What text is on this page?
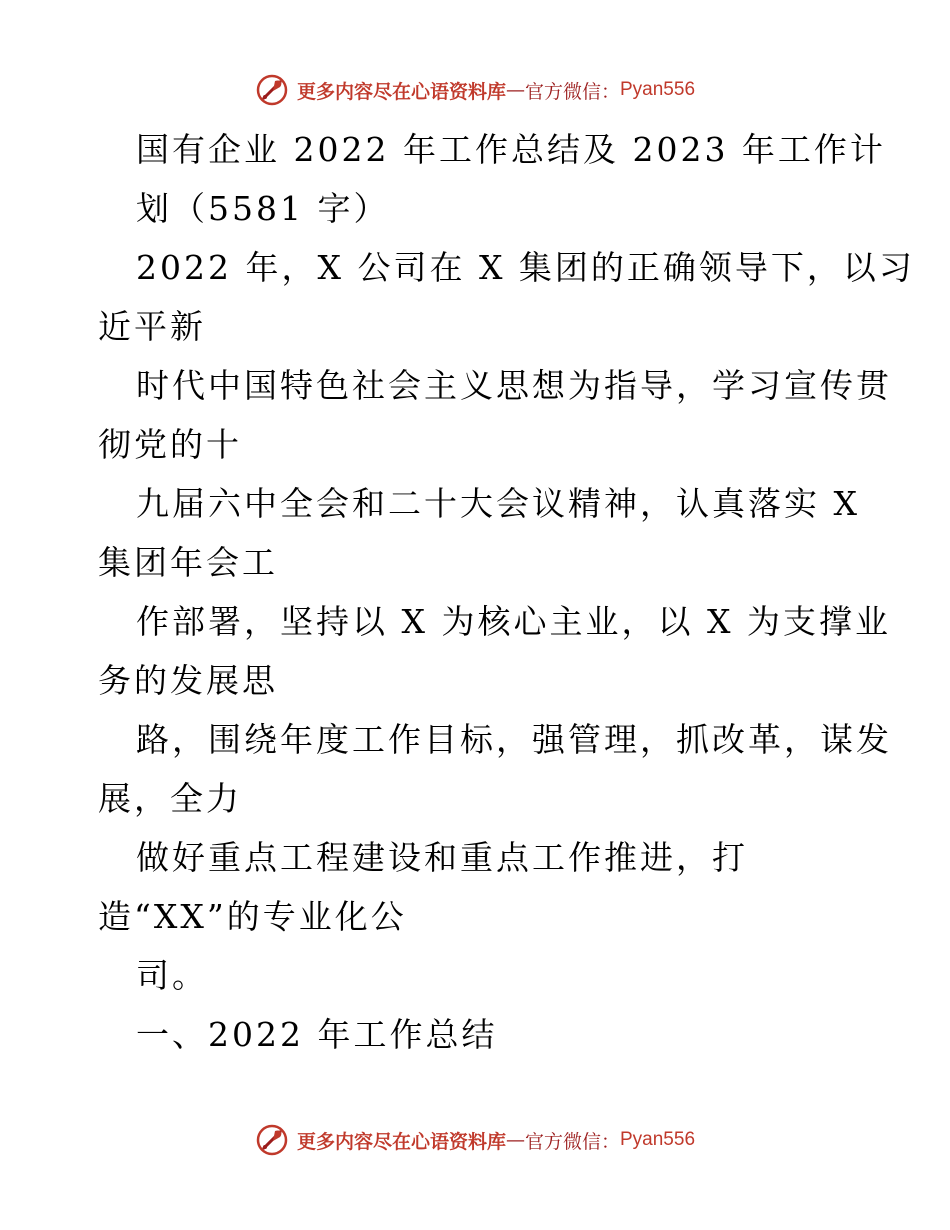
更多内容尽在心语资料库 — 官方微信： Pyan556
国有企业 2022 年工作总结及 2023 年工作计
划（5581 字）
2022 年，X 公司在 X 集团的正确领导下，以习
近平新
时代中国特色社会主义思想为指导，学习宣传贯
彻党的十
九届六中全会和二十大会议精神，认真落实 X
集团年会工
作部署，坚持以 X 为核心主业，以 X 为支撑业
务的发展思
路，围绕年度工作目标，强管理，抓改革，谋发
展，全力
做好重点工程建设和重点工作推进，打
造“XX”的专业化公
司。
一、2022 年工作总结
更多内容尽在心语资料库 — 官方微信： Pyan556
